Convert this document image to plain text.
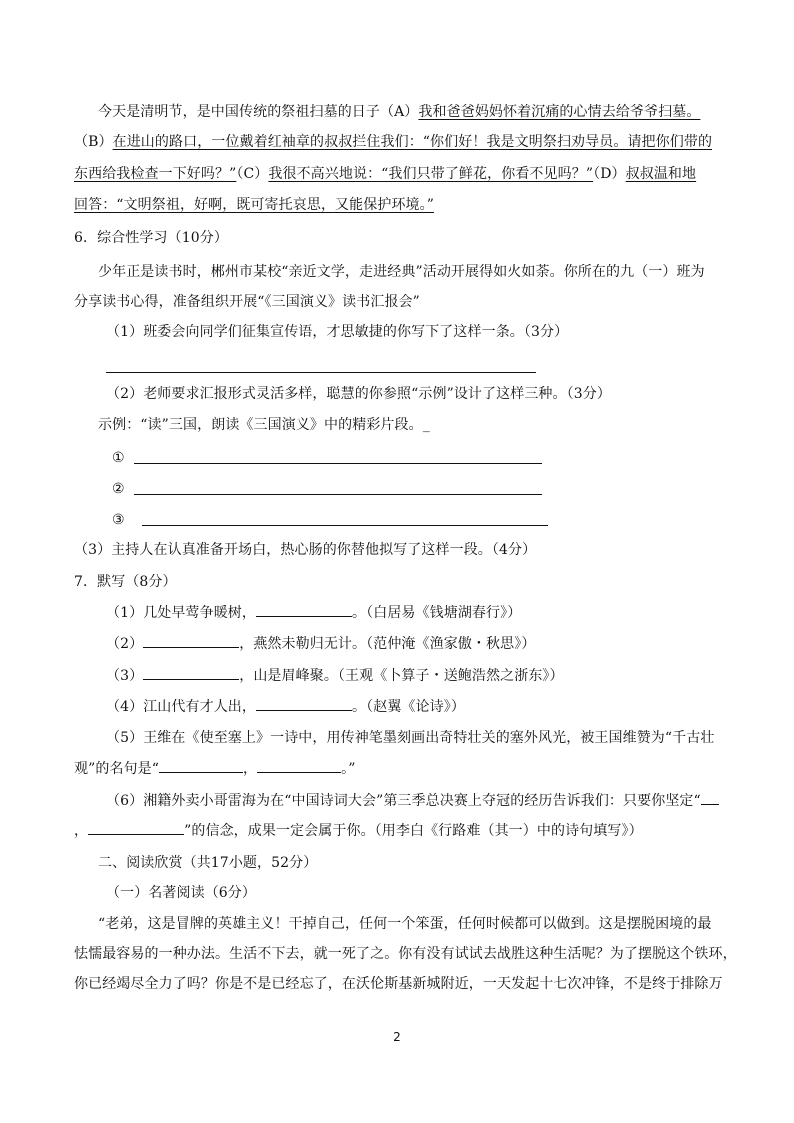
今天是清明节，是中国传统的祭祖扫墓的日子（A）我和爸爸妈妈怀着沉痛的心情去给爷爷扫墓。
（B）在进山的路口，一位戴着红袖章的叔叔拦住我们：“你们好！我是文明祭扫劝导员。请把你们带的
东西给我检查一下好吗？”（C）我很不高兴地说：“我们只带了鲜花，你看不见吗？”（D）叔叔温和地
回答：“文明祭祖，好啊，既可寄托哀思，又能保护环境。”
6．综合性学习（10分）
少年正是读书时，郴州市某校“亲近文学，走进经典”活动开展得如火如荼。你所在的九（一）班为
分享读书心得，准备组织开展“《三国演义》读书汇报会”
（1）班委会向同学们征集宣传语，才思敏捷的你写下了这样一条。（3分）
（2）老师要求汇报形式灵活多样，聪慧的你参照“示例”设计了这样三种。（3分）
示例：“读”三国，朗读《三国演义》中的精彩片段。_
①
②
③
（3）主持人在认真准备开场白，热心肠的你替他拟写了这样一段。（4分）
7．默写（8分）
（1）几处早莺争暖树，	。（白居易《钱塘湖春行》）
（2）	，燕然未勒归无计。（范仲淹《渔家傲・秋思》）
（3）	，山是眉峰聚。（王观《卜算子・送鲍浩然之浙东》）
（4）江山代有才人出，	。（赵翼《论诗》）
（5）王维在《使至塞上》一诗中，用传神笔墨刻画出奇特壮关的塞外风光，被王国维赞为“千古壮
观”的名句是“	，	。”
（6）湘籍外卖小哥雷海为在“中国诗词大会”第三季总决赛上夺冠的经历告诉我们：只要你坚定“
，	”的信念，成果一定会属于你。（用李白《行路难（其一）中的诗句填写》）
二、阅读欣赏（共17小题，52分）
（一）名著阅读（6分）
“老弟，这是冒牌的英雄主义！干掉自己，任何一个笨蛋，任何时候都可以做到。这是摆脱困境的最
怯懦最容易的一种办法。生活不下去，就一死了之。你有没有试试去战胜这种生活呢？为了摆脱这个铁环，
你已经竭尽全力了吗？你是不是已经忘了，在沃伦斯基新城附近，一天发起十七次冲锋，不是终于排除万
2
